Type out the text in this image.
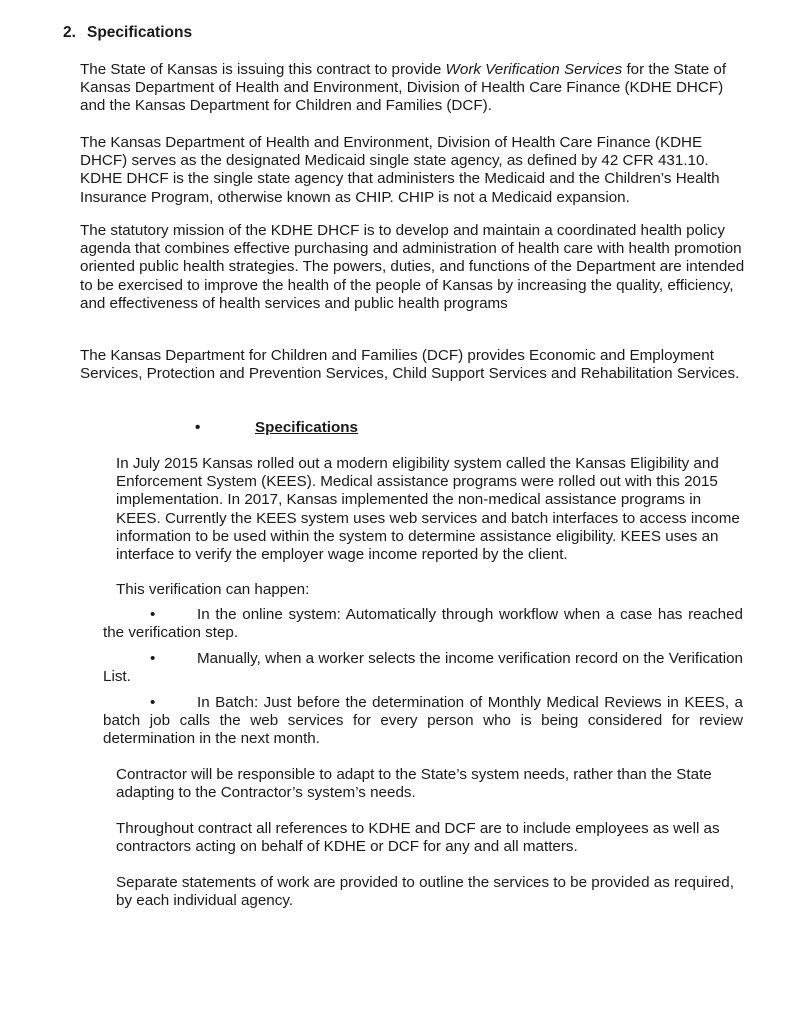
2. Specifications

The State of Kansas is issuing this contract to provide Work Verification Services for the State of Kansas Department of Health and Environment, Division of Health Care Finance (KDHE DHCF) and the Kansas Department for Children and Families (DCF).

The Kansas Department of Health and Environment, Division of Health Care Finance (KDHE DHCF) serves as the designated Medicaid single state agency, as defined by 42 CFR 431.10. KDHE DHCF is the single state agency that administers the Medicaid and the Children’s Health Insurance Program, otherwise known as CHIP. CHIP is not a Medicaid expansion.

The statutory mission of the KDHE DHCF is to develop and maintain a coordinated health policy agenda that combines effective purchasing and administration of health care with health promotion oriented public health strategies. The powers, duties, and functions of the Department are intended to be exercised to improve the health of the people of Kansas by increasing the quality, efficiency, and effectiveness of health services and public health programs

The Kansas Department for Children and Families (DCF) provides Economic and Employment Services, Protection and Prevention Services, Child Support Services and Rehabilitation Services.

•	Specifications

In July 2015 Kansas rolled out a modern eligibility system called the Kansas Eligibility and Enforcement System (KEES). Medical assistance programs were rolled out with this 2015 implementation. In 2017, Kansas implemented the non-medical assistance programs in KEES. Currently the KEES system uses web services and batch interfaces to access income information to be used within the system to determine assistance eligibility. KEES uses an interface to verify the employer wage income reported by the client.

This verification can happen:

•	In the online system: Automatically through workflow when a case has reached the verification step.

•	Manually, when a worker selects the income verification record on the Verification List.

•	In Batch: Just before the determination of Monthly Medical Reviews in KEES, a batch job calls the web services for every person who is being considered for review determination in the next month.

Contractor will be responsible to adapt to the State’s system needs, rather than the State adapting to the Contractor’s system’s needs.

Throughout contract all references to KDHE and DCF are to include employees as well as contractors acting on behalf of KDHE or DCF for any and all matters.

Separate statements of work are provided to outline the services to be provided as required, by each individual agency.
